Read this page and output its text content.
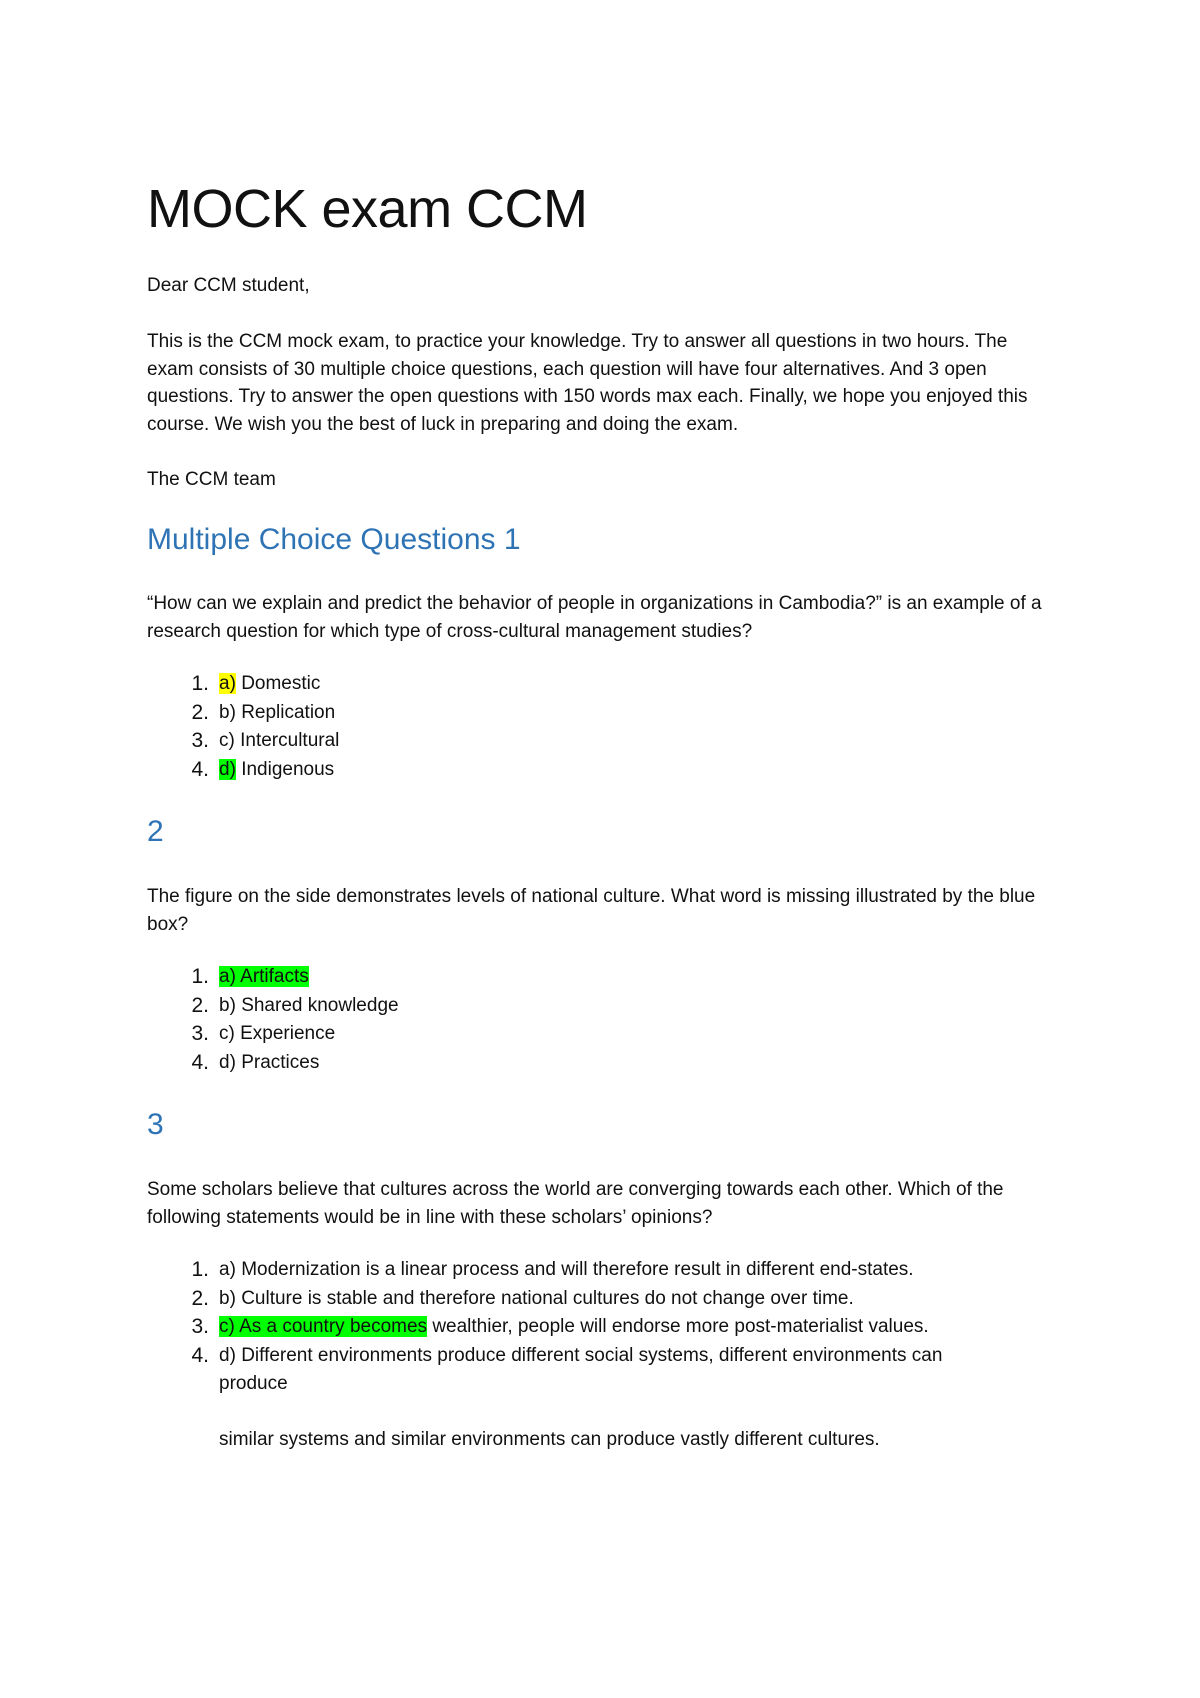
MOCK exam CCM

Dear CCM student,

This is the CCM mock exam, to practice your knowledge. Try to answer all questions in two hours. The exam consists of 30 multiple choice questions, each question will have four alternatives. And 3 open questions. Try to answer the open questions with 150 words max each. Finally, we hope you enjoyed this course. We wish you the best of luck in preparing and doing the exam.

The CCM team

Multiple Choice Questions 1

“How can we explain and predict the behavior of people in organizations in Cambodia?” is an example of a research question for which type of cross-cultural management studies?

1. a) Domestic
2. b) Replication
3. c) Intercultural
4. d) Indigenous
2

The figure on the side demonstrates levels of national culture. What word is missing illustrated by the blue box?

1. a) Artifacts
2. b) Shared knowledge
3. c) Experience
4. d) Practices
3

Some scholars believe that cultures across the world are converging towards each other. Which of the following statements would be in line with these scholars’ opinions?

1. a) Modernization is a linear process and will therefore result in different end-states.
2. b) Culture is stable and therefore national cultures do not change over time.
3. c) As a country becomes wealthier, people will endorse more post-materialist values.
4. d) Different environments produce different social systems, different environments can
produce
similar systems and similar environments can produce vastly different cultures.
